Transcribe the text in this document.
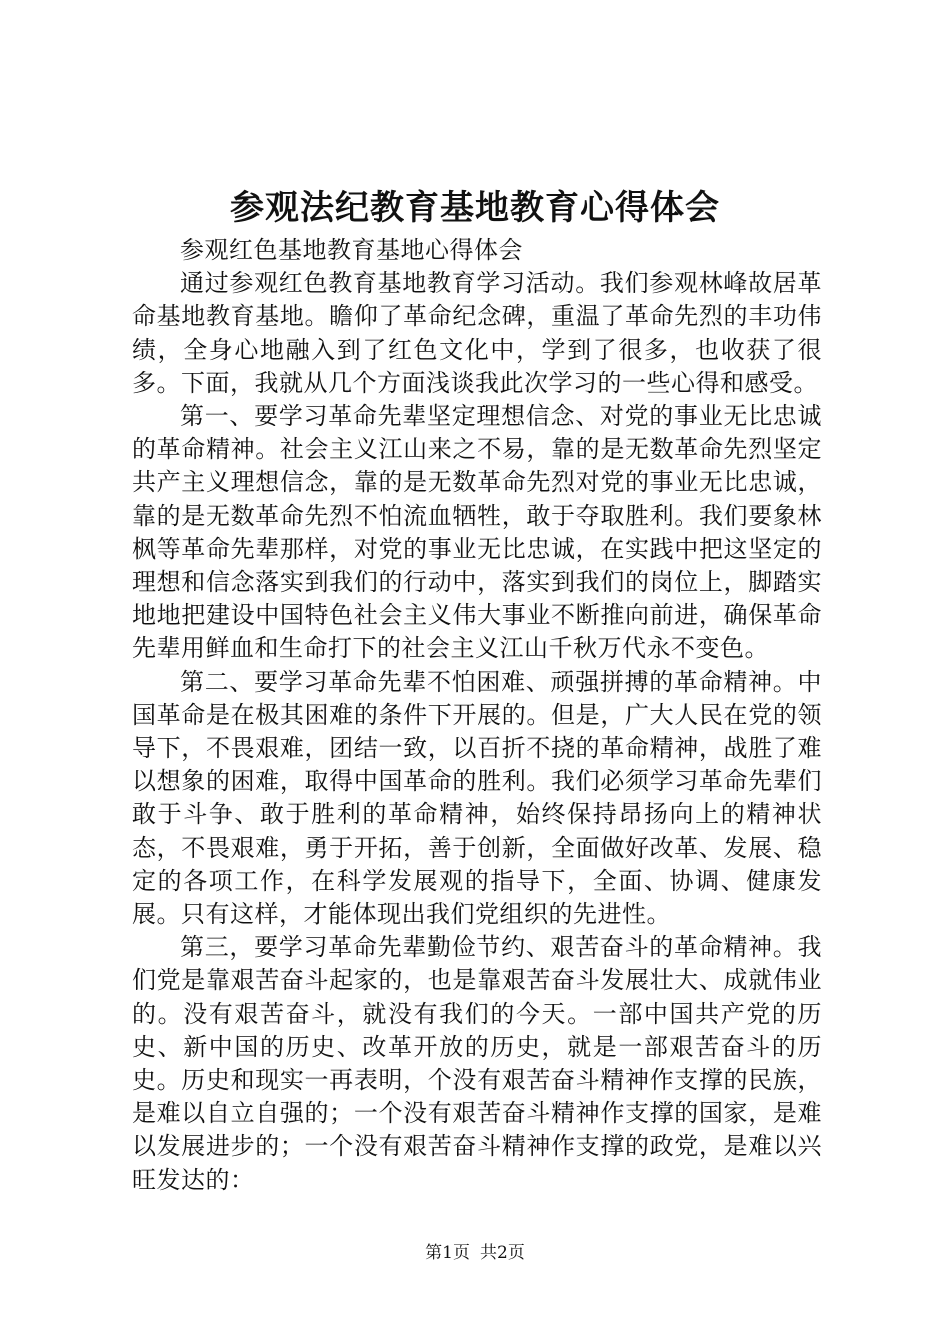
参观法纪教育基地教育心得体会

参观红色基地教育基地心得体会

通过参观红色教育基地教育学习活动。我们参观林峰故居革命基地教育基地。瞻仰了革命纪念碑，重温了革命先烈的丰功伟绩，全身心地融入到了红色文化中，学到了很多，也收获了很多。下面，我就从几个方面浅谈我此次学习的一些心得和感受。

第一、要学习革命先辈坚定理想信念、对党的事业无比忠诚的革命精神。社会主义江山来之不易，靠的是无数革命先烈坚定共产主义理想信念，靠的是无数革命先烈对党的事业无比忠诚，靠的是无数革命先烈不怕流血牺牲，敢于夺取胜利。我们要象林枫等革命先辈那样，对党的事业无比忠诚，在实践中把这坚定的理想和信念落实到我们的行动中，落实到我们的岗位上，脚踏实地地把建设中国特色社会主义伟大事业不断推向前进，确保革命先辈用鲜血和生命打下的社会主义江山千秋万代永不变色。

第二、要学习革命先辈不怕困难、顽强拼搏的革命精神。中国革命是在极其困难的条件下开展的。但是，广大人民在党的领导下，不畏艰难，团结一致，以百折不挠的革命精神，战胜了难以想象的困难，取得中国革命的胜利。我们必须学习革命先辈们敢于斗争、敢于胜利的革命精神，始终保持昂扬向上的精神状态，不畏艰难，勇于开拓，善于创新，全面做好改革、发展、稳定的各项工作，在科学发展观的指导下，全面、协调、健康发展。只有这样，才能体现出我们党组织的先进性。

第三，要学习革命先辈勤俭节约、艰苦奋斗的革命精神。我们党是靠艰苦奋斗起家的，也是靠艰苦奋斗发展壮大、成就伟业的。没有艰苦奋斗，就没有我们的今天。一部中国共产党的历史、新中国的历史、改革开放的历史，就是一部艰苦奋斗的历史。历史和现实一再表明，个没有艰苦奋斗精神作支撑的民族，是难以自立自强的；一个没有艰苦奋斗精神作支撑的国家，是难以发展进步的；一个没有艰苦奋斗精神作支撑的政党，是难以兴旺发达的：

第1页 共2页
